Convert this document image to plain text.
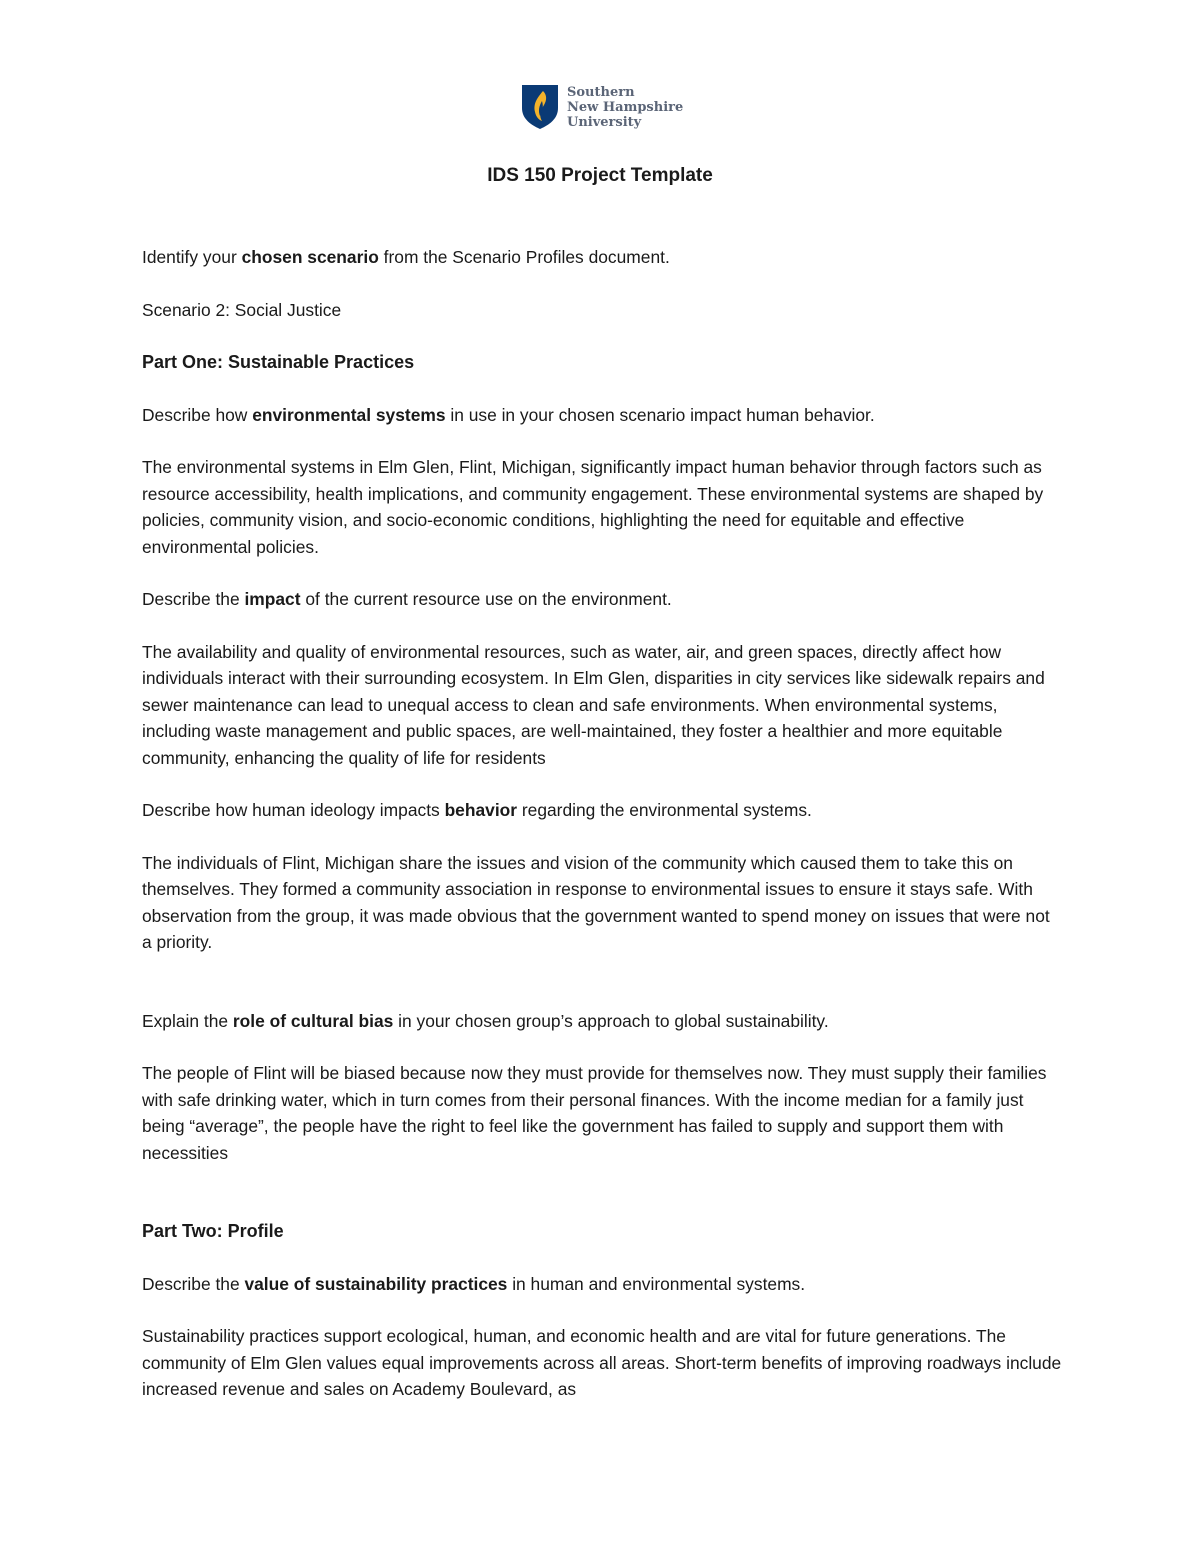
Southern
New Hampshire
University
IDS 150 Project Template

Identify your chosen scenario from the Scenario Profiles document.

Scenario 2: Social Justice

Part One: Sustainable Practices

Describe how environmental systems in use in your chosen scenario impact human behavior.

The environmental systems in Elm Glen, Flint, Michigan, significantly impact human behavior through factors such as resource accessibility, health implications, and community engagement. These environmental systems are shaped by policies, community vision, and socio-economic conditions, highlighting the need for equitable and effective environmental policies.

Describe the impact of the current resource use on the environment.

The availability and quality of environmental resources, such as water, air, and green spaces, directly affect how individuals interact with their surrounding ecosystem. In Elm Glen, disparities in city services like sidewalk repairs and sewer maintenance can lead to unequal access to clean and safe environments. When environmental systems, including waste management and public spaces, are well-maintained, they foster a healthier and more equitable community, enhancing the quality of life for residents

Describe how human ideology impacts behavior regarding the environmental systems.

The individuals of Flint, Michigan share the issues and vision of the community which caused them to take this on themselves. They formed a community association in response to environmental issues to ensure it stays safe. With observation from the group, it was made obvious that the government wanted to spend money on issues that were not a priority.

Explain the role of cultural bias in your chosen group’s approach to global sustainability.

The people of Flint will be biased because now they must provide for themselves now. They must supply their families with safe drinking water, which in turn comes from their personal finances. With the income median for a family just being “average”, the people have the right to feel like the government has failed to supply and support them with necessities

Part Two: Profile

Describe the value of sustainability practices in human and environmental systems.

Sustainability practices support ecological, human, and economic health and are vital for future generations. The community of Elm Glen values equal improvements across all areas. Short-term benefits of improving roadways include increased revenue and sales on Academy Boulevard, as
